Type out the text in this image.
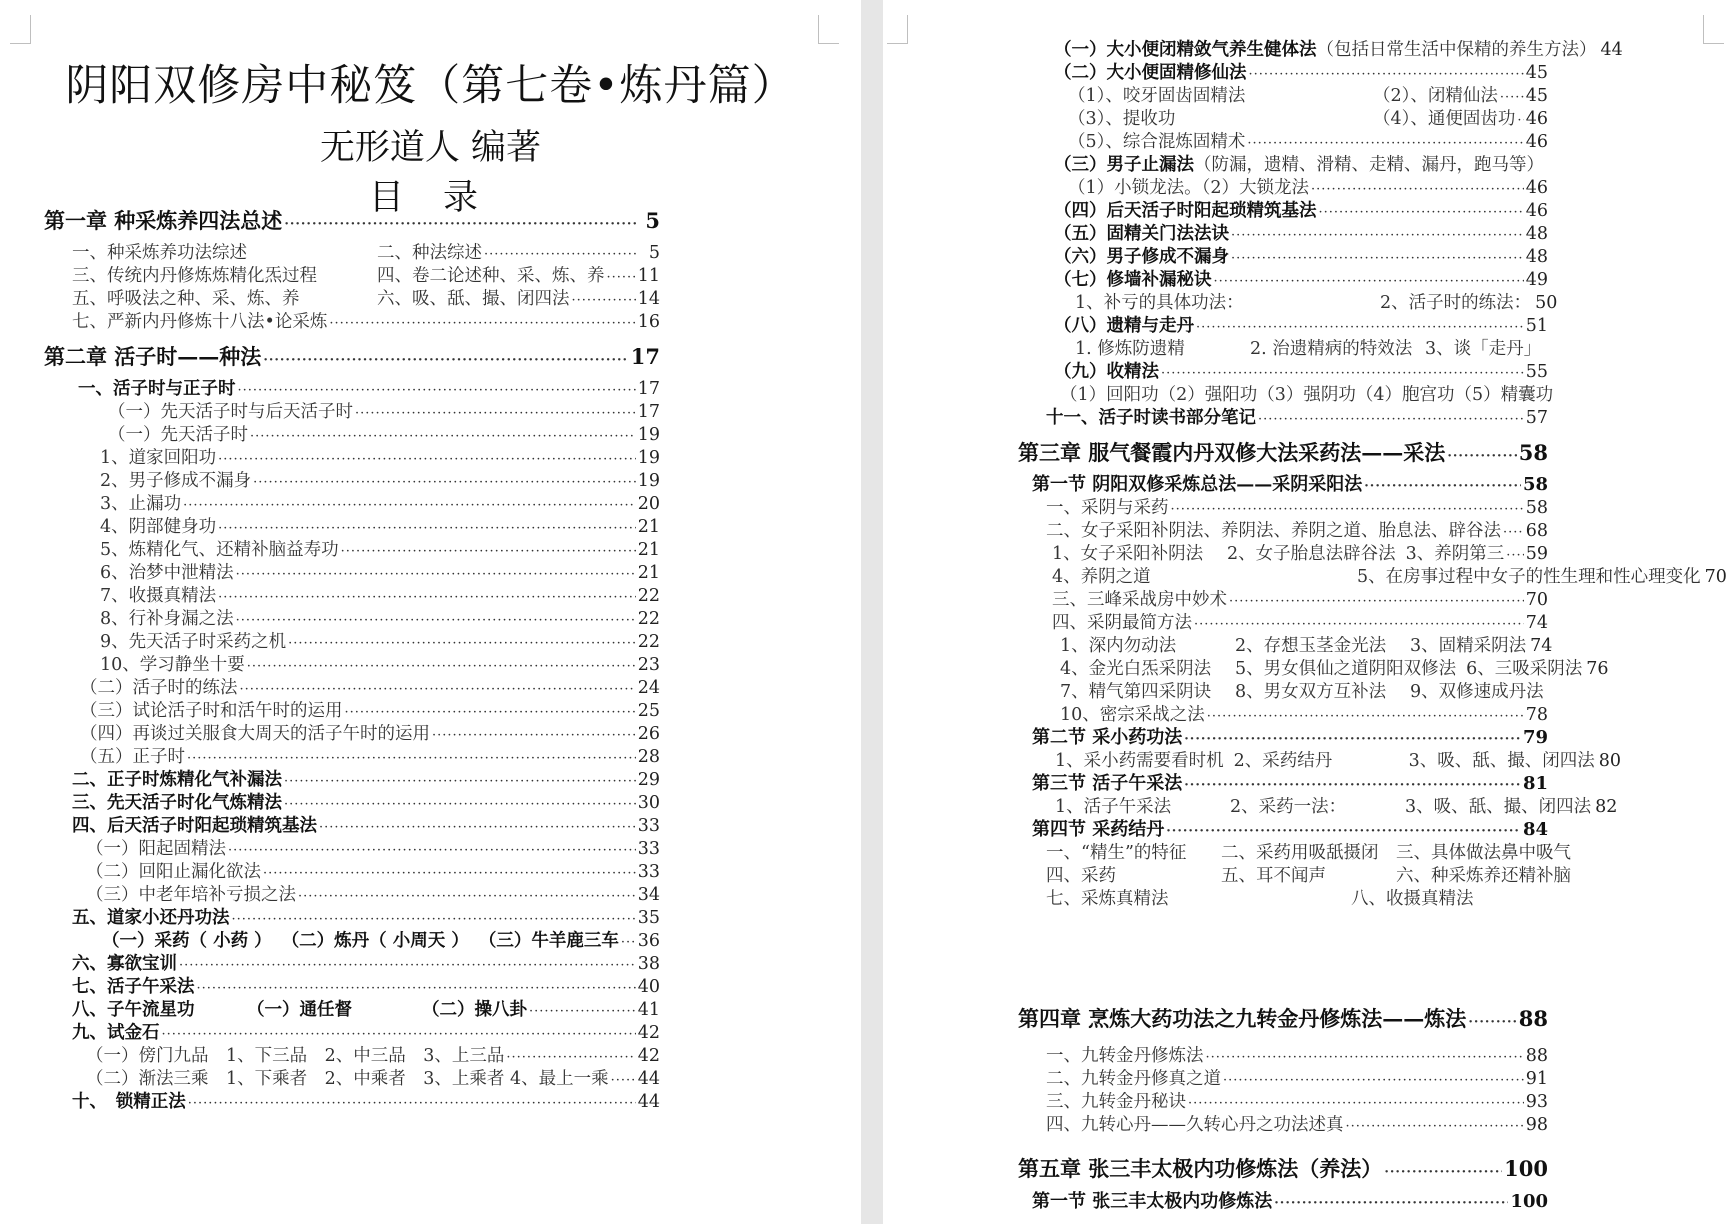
阴阳双修房中秘笈（第七卷•炼丹篇）
无形道人 编著
目 录
第一章 种采炼养四法总述 ·····	5
一、种采炼养功法综述	二、种法综述 ·····	5
三、传统内丹修炼炼精化炁过程	四、卷二论述种、采、炼、养 ····· 11
五、呼吸法之种、采、炼、养	六、吸、舐、撮、闭四法 ·····	14
七、严新内丹修炼十八法•论采炼 ·····	16
第二章 活子时——种法 ·····	17
一、活子时与正子时 ·····	17
（一）先天活子时与后天活子时 ·····	17
（一）先天活子时 ·····	19
1、道家回阳功 ·····	19
2、男子修成不漏身 ·····	19
3、止漏功 ·····	20
4、阴部健身功 ·····	21
5、炼精化气、还精补脑益寿功 ·····	21
6、治梦中泄精法 ·····	21
7、收摄真精法 ·····	22
8、行补身漏之法 ·····	22
9、先天活子时采药之机 ·····	22
10、学习静坐十要 ·····	23
（二）活子时的练法 ·····	24
（三）试论活子时和活午时的运用 ·····	25
（四）再谈过关服食大周天的活子午时的运用 ·····	26
（五）正子时 ·····	28
二、正子时炼精化气补漏法 ·····	29
三、先天活子时化气炼精法 ·····	30
四、后天活子时阳起琐精筑基法 ·····	33
（一）阳起固精法 ·····	33
（二）回阳止漏化欲法 ·····	33
（三）中老年培补亏损之法 ·····	34
五、道家小还丹功法 ·····	35
（一）采药（ 小药 ） （二）炼丹（ 小周天 ） （三）牛羊鹿三车 ····· 36
六、寡欲宝训 ·····	38
七、活子午采法 ·····	40
八、子午流星功	（一）通任督	（二）操八卦 ·····	41
九、试金石 ·····	42
（一）傍门九品　1、下三品　2、中三品　3、上三品 ·····	42
（二）渐法三乘　1、下乘者　2、中乘者　3、上乘者 4、最上一乘 ····· 44
十、　锁精正法 ·····	44
（一）大小便闭精敛气养生健体法（包括日常生活中保精的养生方法） 44
（二）大小便固精修仙法 ·····	45
（1）、咬牙固齿固精法	（2）、闭精仙法 ····· 45
（3）、提收功	（4）、通便固齿功 ····· 46
（5）、综合混炼固精术 ·····	46
（三）男子止漏法（防漏，遗精、滑精、走精、漏丹，跑马等）
（1）小锁龙法。（2）大锁龙法 ·····	46
（四）后天活子时阳起琐精筑基法 ·····	46
（五）固精关门法法诀 ·····	48
（六）男子修成不漏身 ·····	48
（七）修墙补漏秘诀 ·····	49
1、补亏的具体功法：	2、活子时的练法： 50
（八）遗精与走丹 ·····	51
1. 修炼防遗精	2. 治遗精病的特效法 3、谈「走丹」
（九）收精法 ·····	55
（1）回阳功（2）强阳功（3）强阴功（4）胞宫功（5）精囊功
十一、活子时读书部分笔记 ·····	57
第三章 服气餐霞内丹双修大法采药法——采法 ·····	58
第一节 阴阳双修采炼总法——采阴采阳法 ·····	58
一、采阴与采药 ·····	58
二、女子采阳补阴法、养阴法、养阴之道、胎息法、辟谷法 ····· 68
1、女子采阳补阴法 2、女子胎息法辟谷法 3、养阴第三 ····· 59
4、养阴之道	5、在房事过程中女子的性生理和性心理变化 70
三、三峰采战房中妙术 ·····	70
四、采阴最简方法 ·····	74
1、深内勿动法	2、存想玉茎金光法 3、固精采阴法 74
4、金光白炁采阴法 5、男女俱仙之道阴阳双修法 6、三吸采阴法 76
7、精气第四采阴诀 8、男女双方互补法 9、双修速成丹法
10、密宗采战之法 ·····	78
第二节 采小药功法 ·····	79
1、采小药需要看时机 2、采药结丹	3、吸、舐、撮、闭四法 80
第三节 活子午采法 ·····	81
1、活子午采法	2、采药一法：	3、吸、舐、撮、闭四法 82
第四节 采药结丹 ·····	84
一、“精生”的特征 二、采药用吸舐摄闭 三、具体做法鼻中吸气
四、采药	五、耳不闻声	六、种采炼养还精补脑
七、采炼真精法	八、收摄真精法
第四章 烹炼大药功法之九转金丹修炼法——炼法 ····· 88
一、九转金丹修炼法 ·····	88
二、九转金丹修真之道 ·····	91
三、九转金丹秘诀 ·····	93
四、九转心丹——久转心丹之功法述真 ·····	98
第五章 张三丰太极内功修炼法（养法） ·····	100
第一节 张三丰太极内功修炼法 ·····	100
